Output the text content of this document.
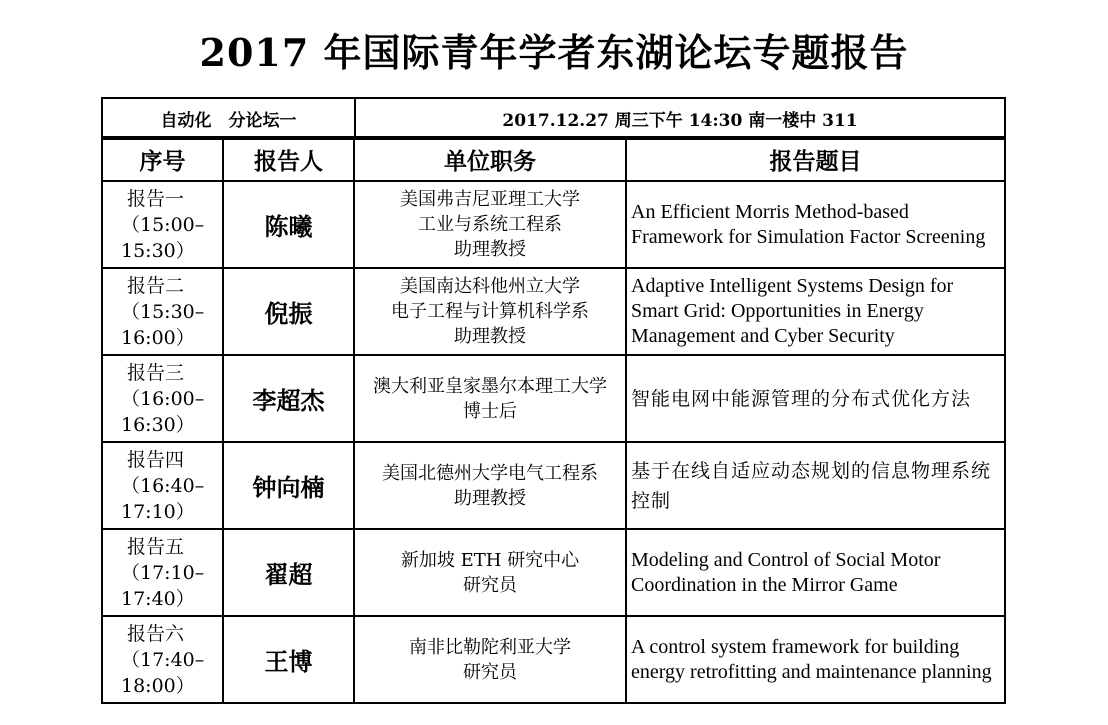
2017 年国际青年学者东湖论坛专题报告
自动化　分论坛一	2017.12.27 周三下午 14:30 南一楼中 311
序号	报告人	单位职务	报告题目

报告一
（15:00–
15:30）	陈曦	美国弗吉尼亚理工大学
工业与系统工程系
助理教授	An Efficient Morris Method-based Framework for Simulation Factor Screening

报告二
（15:30–
16:00）	倪振	美国南达科他州立大学
电子工程与计算机科学系
助理教授	Adaptive Intelligent Systems Design for Smart Grid: Opportunities in Energy Management and Cyber Security

报告三
（16:00–
16:30）	李超杰	澳大利亚皇家墨尔本理工大学
博士后	智能电网中能源管理的分布式优化方法

报告四
（16:40–
17:10）	钟向楠	美国北德州大学电气工程系
助理教授	基于在线自适应动态规划的信息物理系统控制

报告五
（17:10–
17:40）	翟超	新加坡 ETH 研究中心
研究员	Modeling and Control of Social Motor Coordination in the Mirror Game

报告六
（17:40–
18:00）	王博	南非比勒陀利亚大学
研究员	A control system framework for building energy retrofitting and maintenance planning
